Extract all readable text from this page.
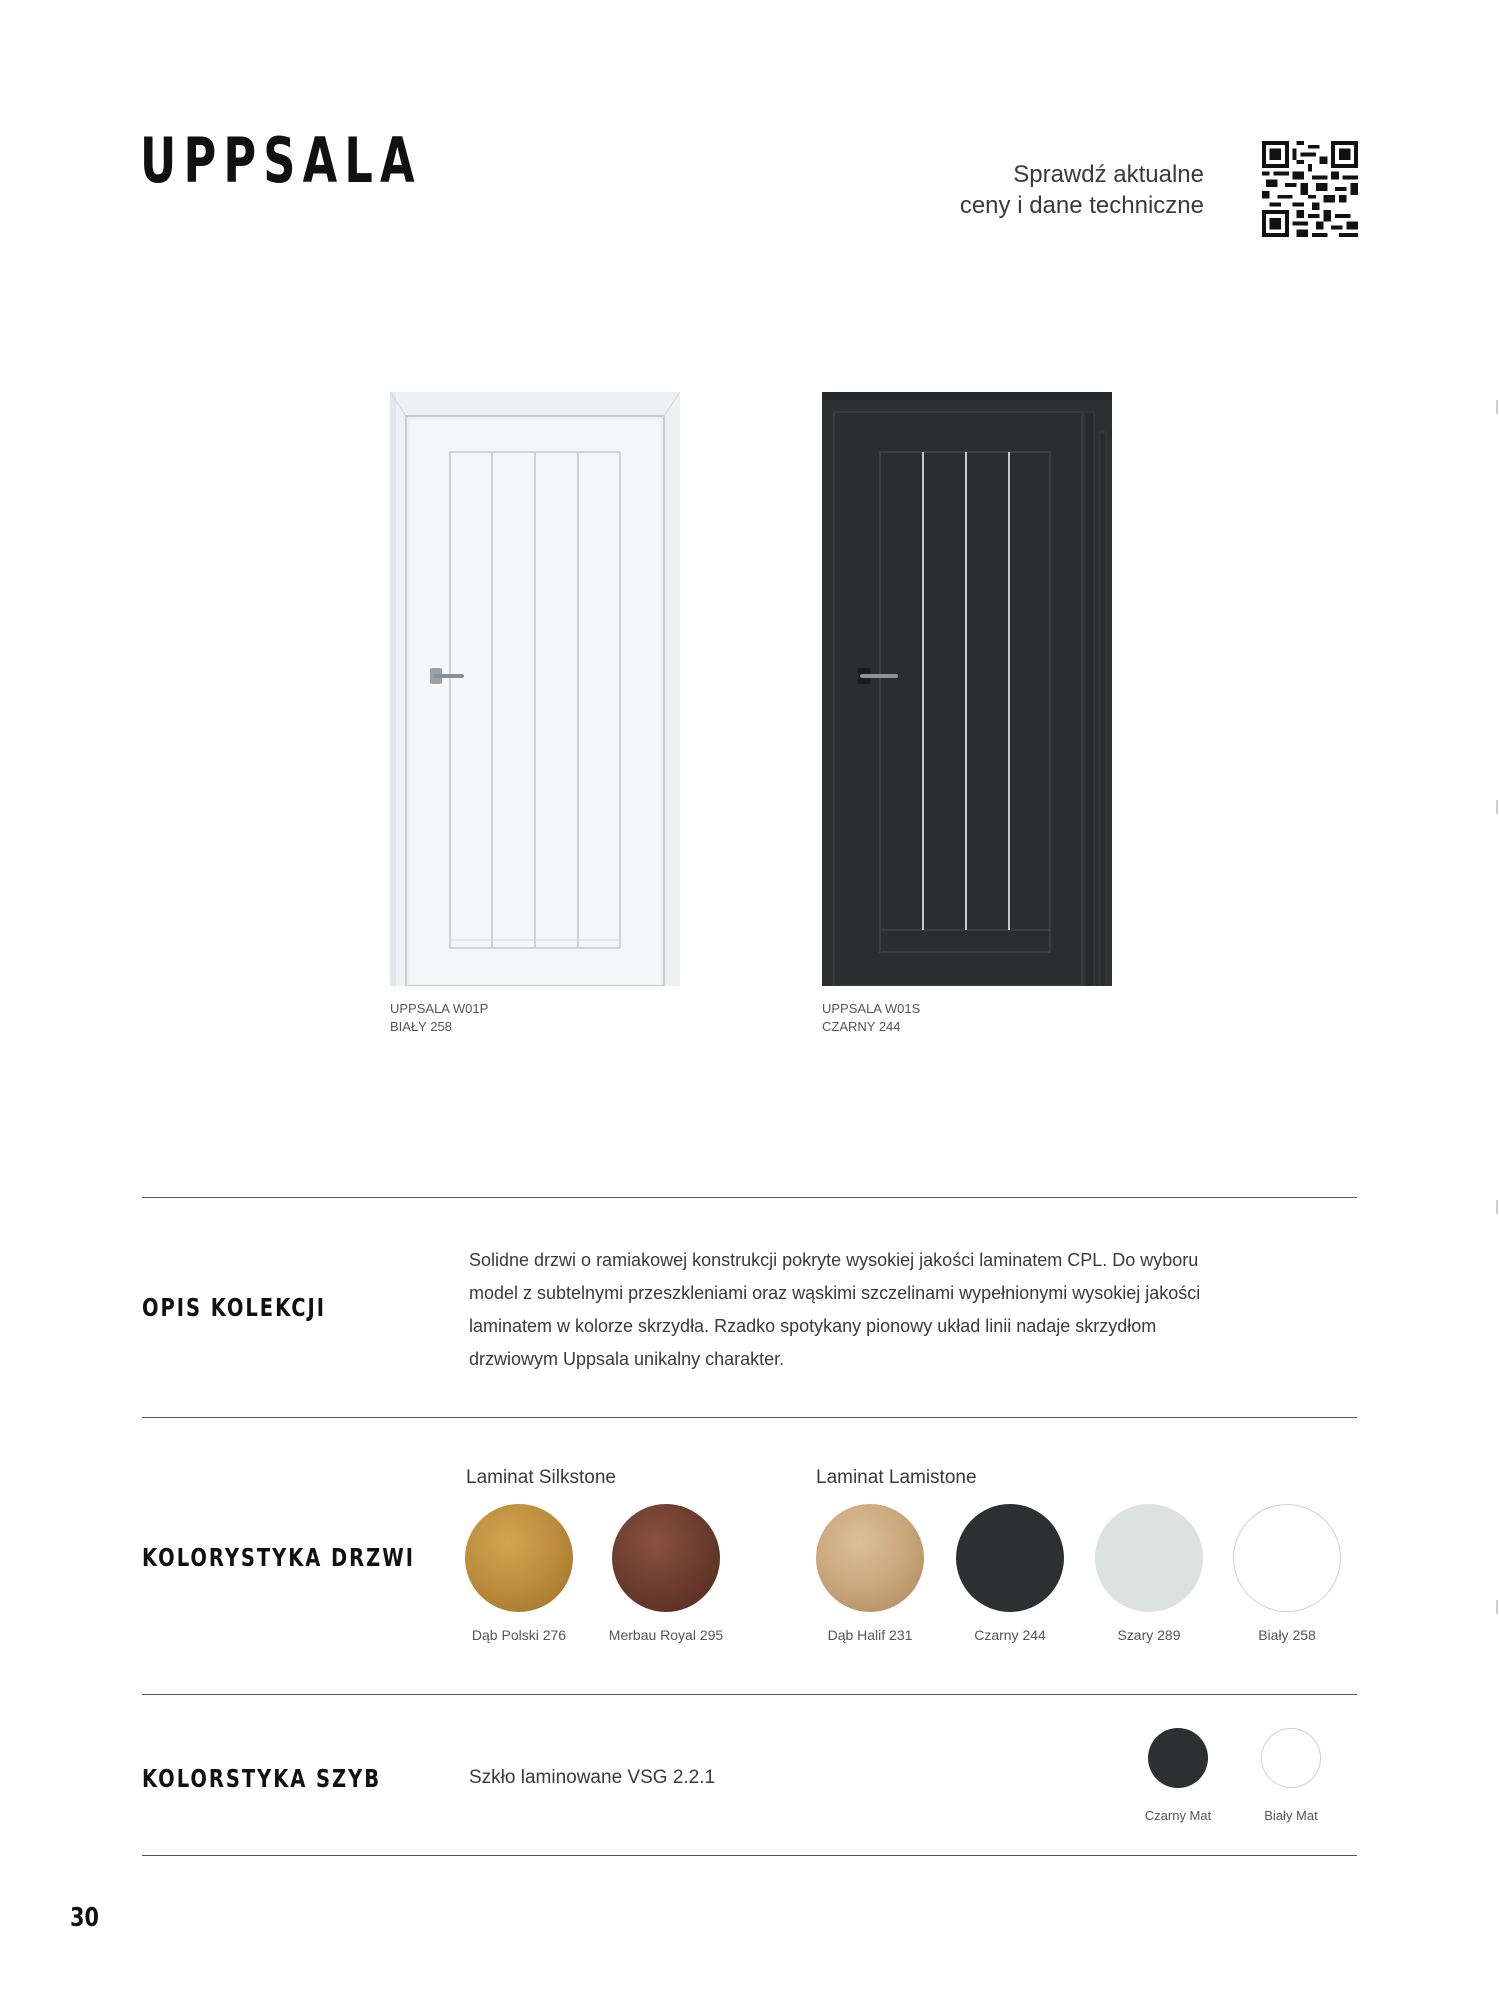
UPPSALA	Sprawdź aktualne
ceny i dane techniczne
UPPSALA W01P
BIAŁY 258
UPPSALA W01S
CZARNY 244
OPIS KOLEKCJI
Solidne drzwi o ramiakowej konstrukcji pokryte wysokiej jakości laminatem CPL. Do wyboru model z subtelnymi przeszkleniami oraz wąskimi szczelinami wypełnionymi wysokiej jakości laminatem w kolorze skrzydła. Rzadko spotykany pionowy układ linii nadaje skrzydłom drzwiowym Uppsala unikalny charakter.
KOLORYSTYKA DRZWI
Laminat Silkstone	Laminat Lamistone
Dąb Polski 276	Merbau Royal 295	Dąb Halif 231	Czarny 244	Szary 289	Biały 258
KOLORSTYKA SZYB	Szkło laminowane VSG 2.2.1
Czarny Mat	Biały Mat
30
